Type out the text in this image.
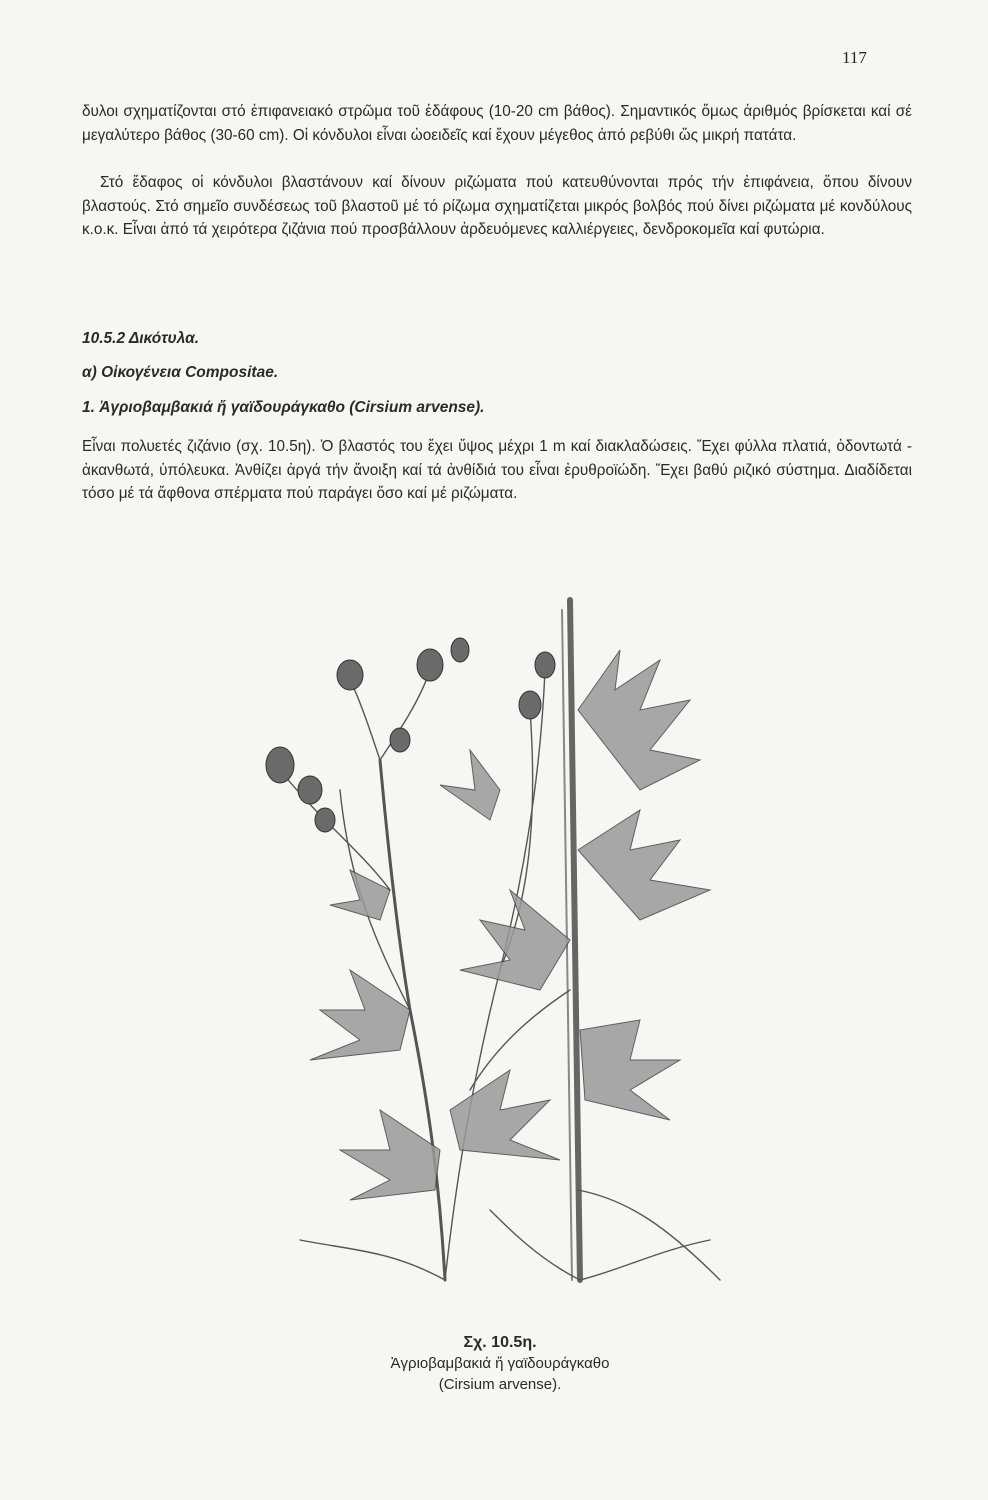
117

δυλοι σχηματίζονται στό ἐπιφανειακό στρῶμα τοῦ ἐδάφους (10-20 cm βάθος). Σημαντικός ὅμως ἀριθμός βρίσκεται καί σέ μεγαλύτερο βάθος (30-60 cm). Οἱ κόνδυλοι εἶναι ὠοειδεῖς καί ἔχουν μέγεθος ἀπό ρεβύθι ὥς μικρή πατάτα.

Στό ἔδαφος οἱ κόνδυλοι βλαστάνουν καί δίνουν ριζώματα πού κατευθύνονται πρός τήν ἐπιφάνεια, ὅπου δίνουν βλαστούς. Στό σημεῖο συνδέσεως τοῦ βλαστοῦ μέ τό ρίζωμα σχηματίζεται μικρός βολβός πού δίνει ριζώματα μέ κονδύλους κ.ο.κ. Εἶναι ἀπό τά χειρότερα ζιζάνια πού προσβάλλουν ἀρδευόμενες καλλιέργειες, δενδροκομεῖα καί φυτώρια.

10.5.2 Δικότυλα.
α) Οἰκογένεια Compositae.
1. Ἀγριοβαμβακιά ἤ γαϊδουράγκαθο (Cirsium arvense).

Εἶναι πολυετές ζιζάνιο (σχ. 10.5η). Ὁ βλαστός του ἔχει ὕψος μέχρι 1 m καί διακλαδώσεις. Ἔχει φύλλα πλατιά, ὀδοντωτά - ἀκανθωτά, ὑπόλευκα. Ἀνθίζει ἀργά τήν ἄνοιξη καί τά ἀνθίδιά του εἶναι ἐρυθροϊώδη. Ἔχει βαθύ ριζικό σύστημα. Διαδίδεται τόσο μέ τά ἄφθονα σπέρματα πού παράγει ὅσο καί μέ ριζώματα.

Σχ. 10.5η.
Ἀγριοβαμβακιά ἤ γαϊδουράγκαθο
(Cirsium arvense).
